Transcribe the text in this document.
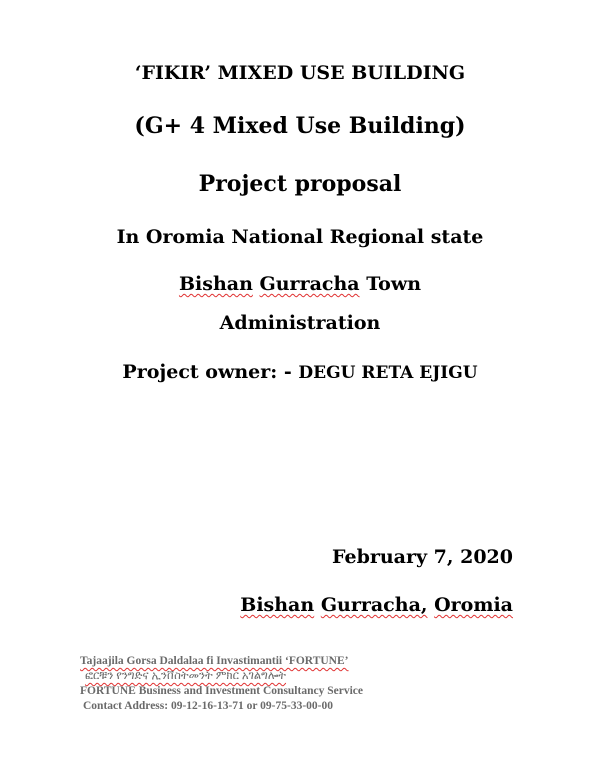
‘FIKIR’ MIXED USE BUILDING
(G+ 4 Mixed Use Building)
Project proposal
In Oromia National Regional state
Bishan Gurracha Town
Administration
Project owner: - DEGU RETA EJIGU
February 7, 2020
Bishan Gurracha, Oromia
Tajaajila Gorsa Daldalaa fi Invastimantii ‘FORTUNE’
ፎርቹን የንግድና ኢንቨስትመንት ምክር አገልግሎት
FORTUNE Business and Investment Consultancy Service
Contact Address: 09-12-16-13-71 or 09-75-33-00-00
